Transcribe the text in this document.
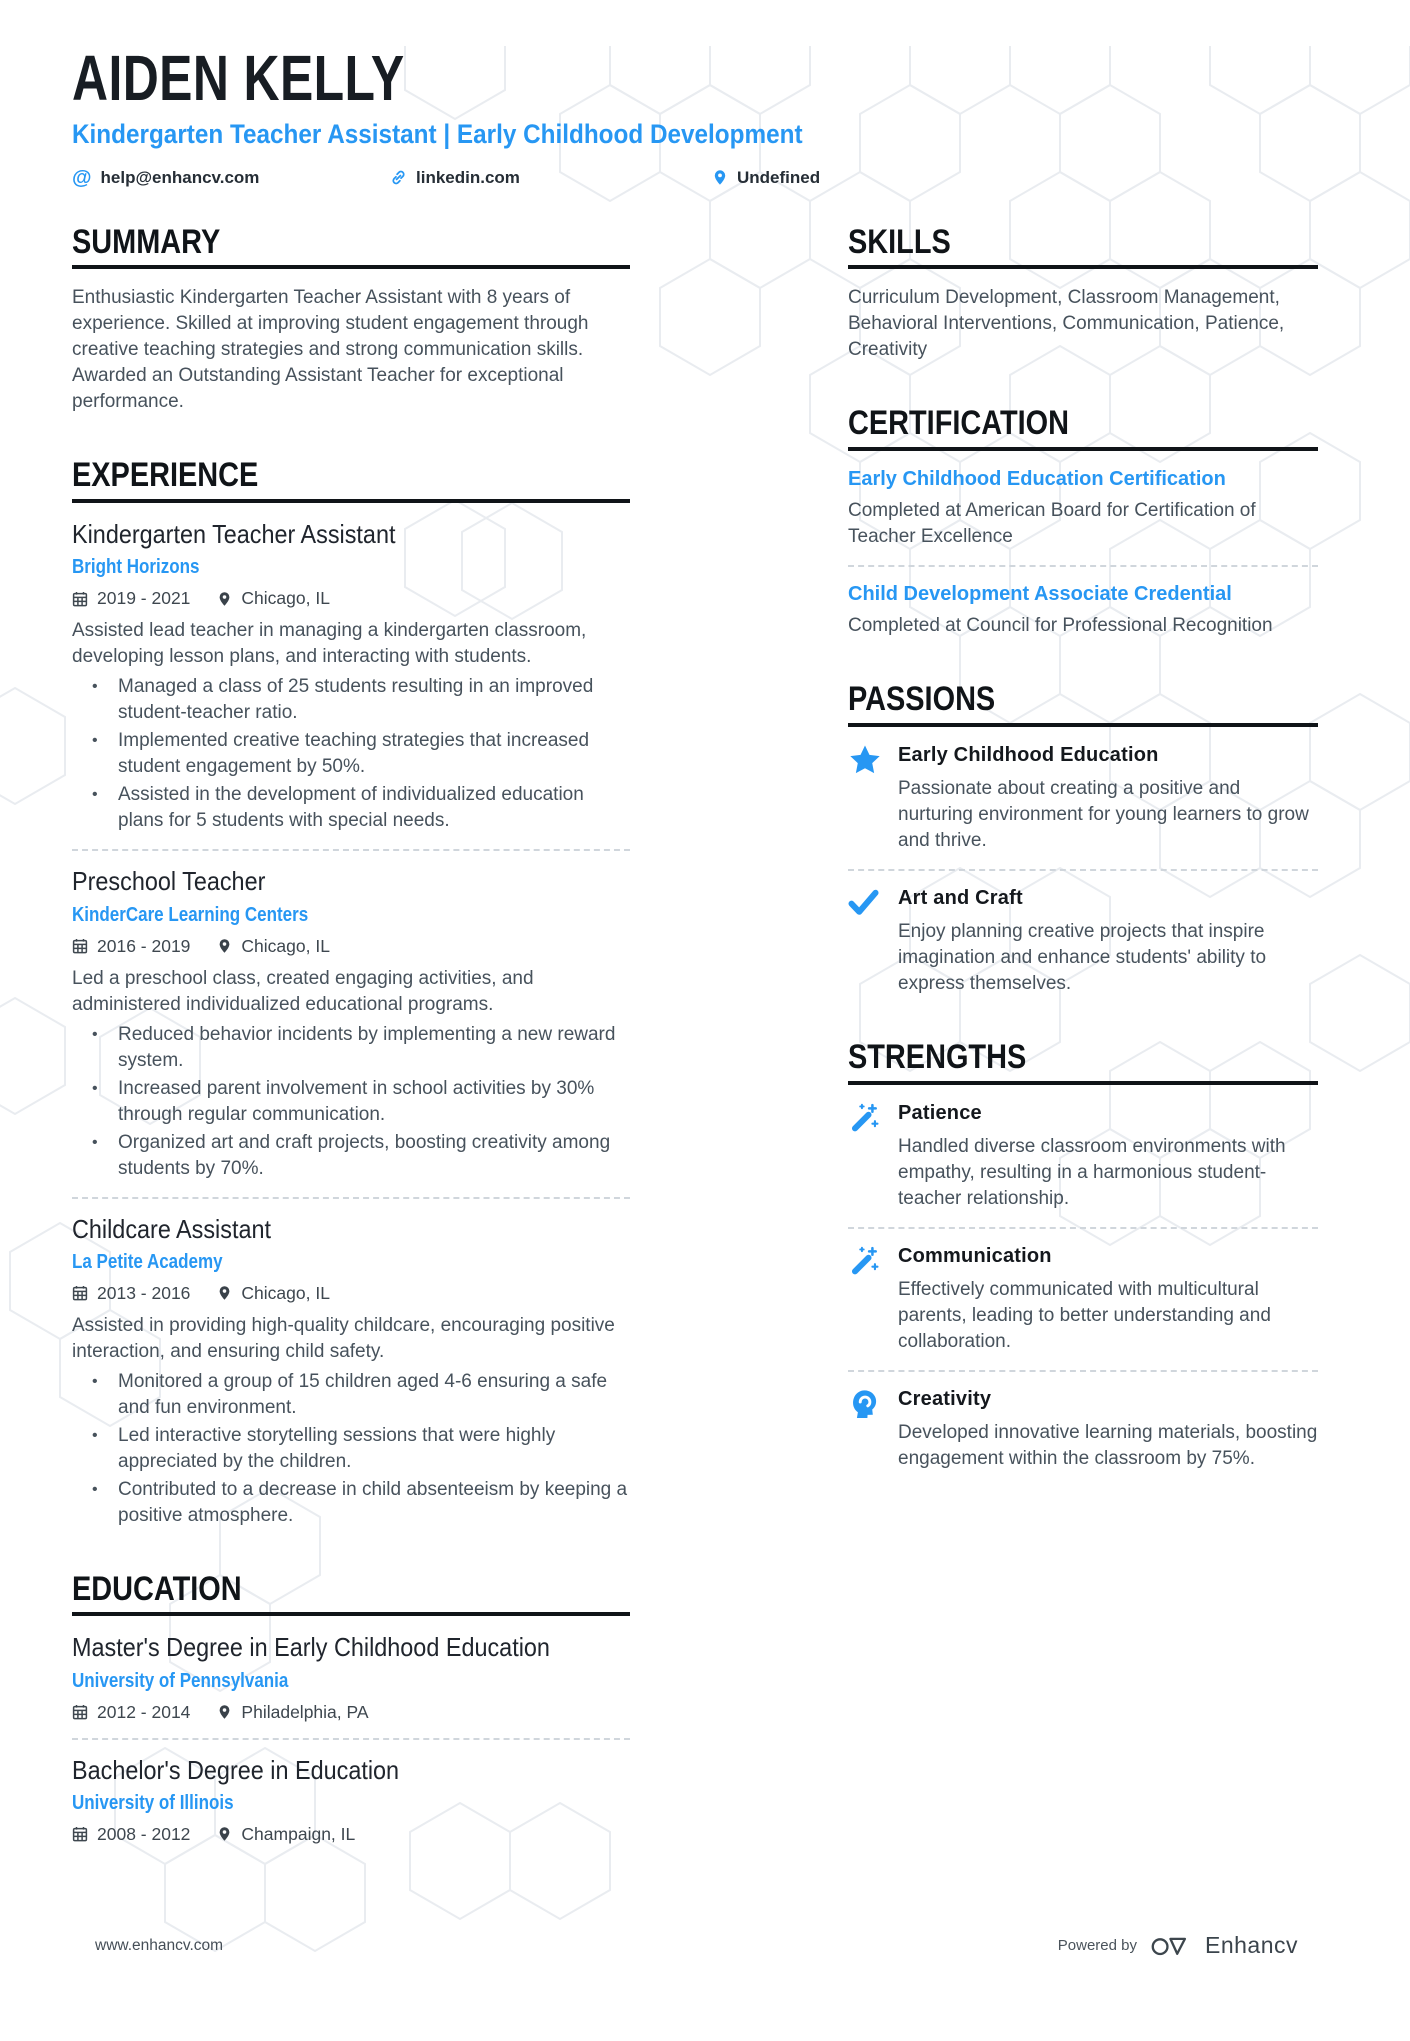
AIDEN KELLY
Kindergarten Teacher Assistant | Early Childhood Development
@ help@enhancv.com	linkedin.com	Undefined
SUMMARY

Enthusiastic Kindergarten Teacher Assistant with 8 years of experience. Skilled at improving student engagement through creative teaching strategies and strong communication skills. Awarded an Outstanding Assistant Teacher for exceptional performance.

EXPERIENCE
Kindergarten Teacher Assistant
Bright Horizons
2019 - 2021	Chicago, IL

Assisted lead teacher in managing a kindergarten classroom, developing lesson plans, and interacting with students.

• Managed a class of 25 students resulting in an improved student-teacher ratio.
• Implemented creative teaching strategies that increased student engagement by 50%.
• Assisted in the development of individualized education plans for 5 students with special needs.
Preschool Teacher
KinderCare Learning Centers
2016 - 2019	Chicago, IL

Led a preschool class, created engaging activities, and administered individualized educational programs.

• Reduced behavior incidents by implementing a new reward system.
• Increased parent involvement in school activities by 30% through regular communication.
• Organized art and craft projects, boosting creativity among students by 70%.
Childcare Assistant
La Petite Academy
2013 - 2016	Chicago, IL

Assisted in providing high-quality childcare, encouraging positive interaction, and ensuring child safety.

• Monitored a group of 15 children aged 4-6 ensuring a safe and fun environment.
• Led interactive storytelling sessions that were highly appreciated by the children.
• Contributed to a decrease in child absenteeism by keeping a positive atmosphere.
EDUCATION
Master's Degree in Early Childhood Education
University of Pennsylvania
2012 - 2014	Philadelphia, PA
Bachelor's Degree in Education
University of Illinois
2008 - 2012	Champaign, IL
SKILLS

Curriculum Development, Classroom Management, Behavioral Interventions, Communication, Patience, Creativity

CERTIFICATION
Early Childhood Education Certification
Completed at American Board for Certification of Teacher Excellence
Child Development Associate Credential
Completed at Council for Professional Recognition
PASSIONS
Early Childhood Education
Passionate about creating a positive and nurturing environment for young learners to grow and thrive.
Art and Craft
Enjoy planning creative projects that inspire imagination and enhance students' ability to express themselves.
STRENGTHS
Patience
Handled diverse classroom environments with empathy, resulting in a harmonious student-teacher relationship.
Communication
Effectively communicated with multicultural parents, leading to better understanding and collaboration.
Creativity
Developed innovative learning materials, boosting engagement within the classroom by 75%.
www.enhancv.com	Powered by	Enhancv
